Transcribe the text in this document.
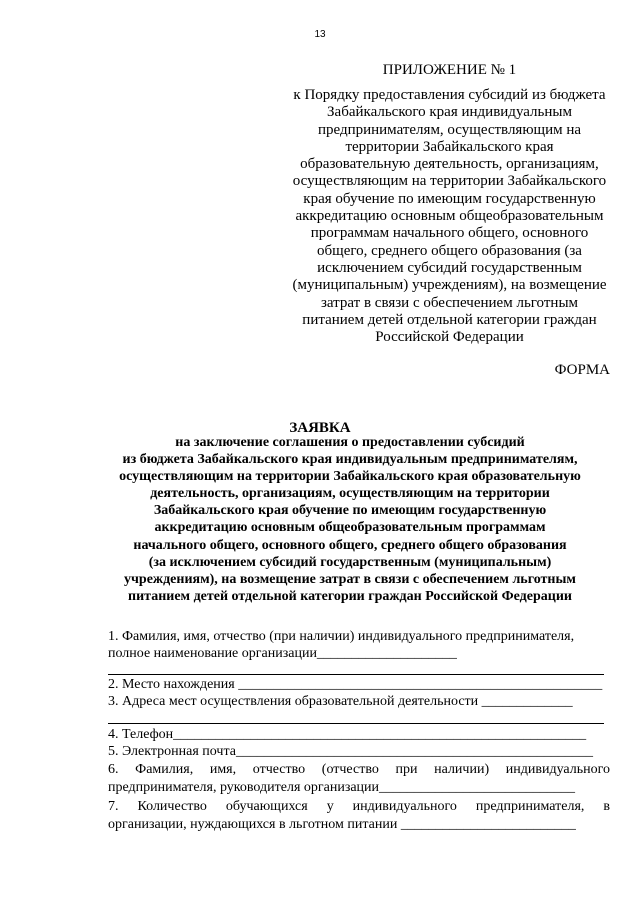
13
ПРИЛОЖЕНИЕ № 1
к Порядку предоставления субсидий из бюджета
Забайкальского края индивидуальным
предпринимателям, осуществляющим на
территории Забайкальского края
образовательную деятельность, организациям,
осуществляющим на территории Забайкальского
края обучение по имеющим государственную
аккредитацию основным общеобразовательным
программам начального общего, основного
общего, среднего общего образования (за
исключением субсидий государственным
(муниципальным) учреждениям), на возмещение
затрат в связи с обеспечением льготным
питанием детей отдельной категории граждан
Российской Федерации
ФОРМА
ЗАЯВКА
на заключение соглашения о предоставлении субсидий
из бюджета Забайкальского края индивидуальным предпринимателям,
осуществляющим на территории Забайкальского края образовательную
деятельность, организациям, осуществляющим на территории
Забайкальского края обучение по имеющим государственную
аккредитацию основным общеобразовательным программам
начального общего, основного общего, среднего общего образования
(за исключением субсидий государственным (муниципальным)
учреждениям), на возмещение затрат в связи с обеспечением льготным
питанием детей отдельной категории граждан Российской Федерации
1. Фамилия, имя, отчество (при наличии) индивидуального предпринимателя,
полное наименование организации____________________
2. Место нахождения ____________________________________________________
3. Адреса мест осуществления образовательной деятельности _____________
4. Телефон___________________________________________________________
5. Электронная почта___________________________________________________
6. Фамилия, имя, отчество (отчество при наличии) индивидуального
предпринимателя, руководителя организации____________________________
7. Количество обучающихся у индивидуального предпринимателя, в
организации, нуждающихся в льготном питании _________________________
